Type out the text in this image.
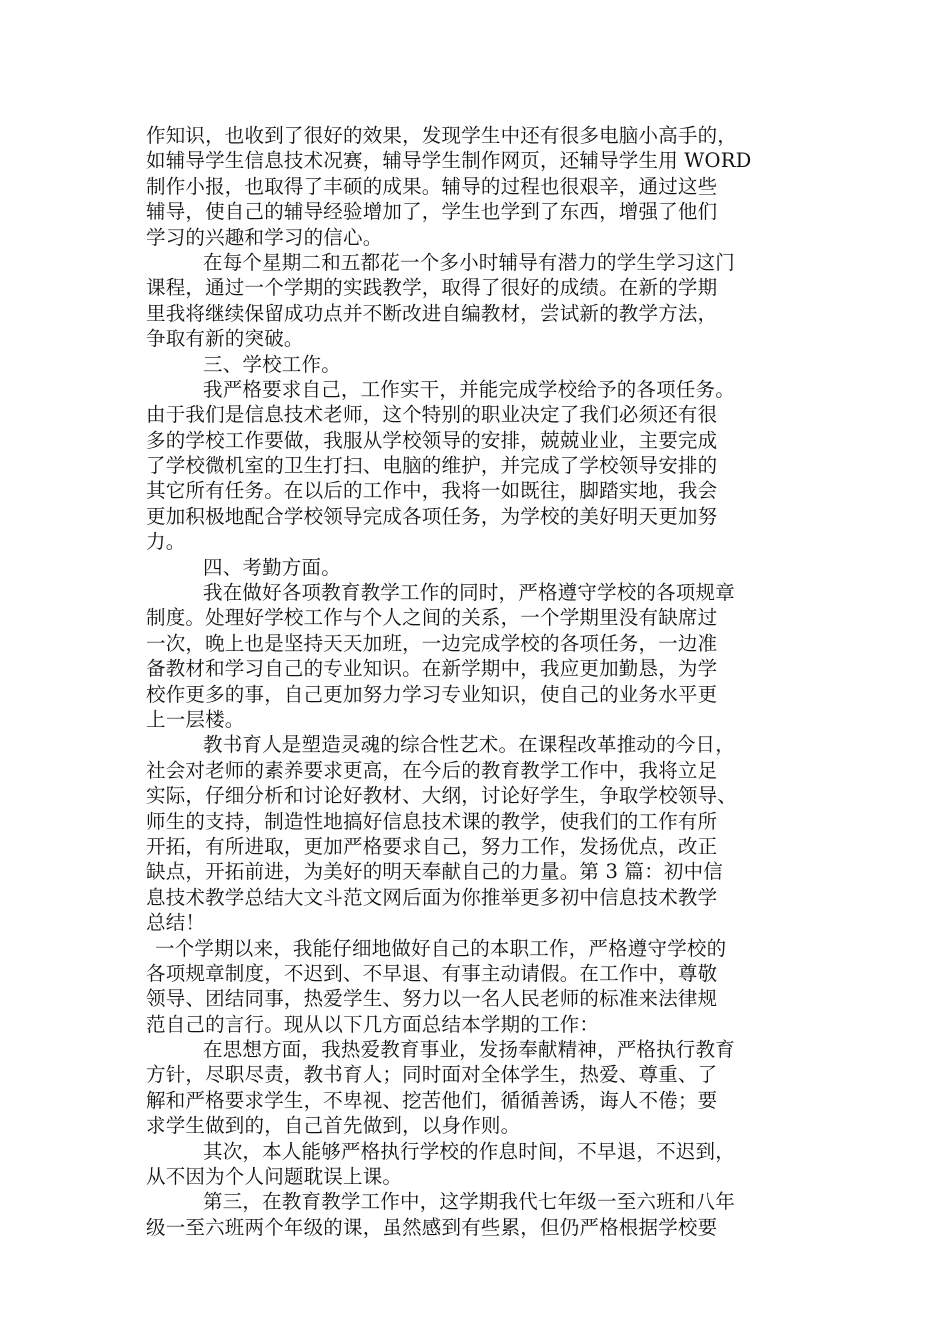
作知识，也收到了很好的效果，发现学生中还有很多电脑小高手的，
如辅导学生信息技术况赛，辅导学生制作网页，还辅导学生用 WORD
制作小报，也取得了丰硕的成果。辅导的过程也很艰辛，通过这些
辅导，使自己的辅导经验增加了，学生也学到了东西，增强了他们
学习的兴趣和学习的信心。
在每个星期二和五都花一个多小时辅导有潜力的学生学习这门
课程，通过一个学期的实践教学，取得了很好的成绩。在新的学期
里我将继续保留成功点并不断改进自编教材，尝试新的教学方法，
争取有新的突破。
三、学校工作。
我严格要求自己，工作实干，并能完成学校给予的各项任务。
由于我们是信息技术老师，这个特别的职业决定了我们必须还有很
多的学校工作要做，我服从学校领导的安排，兢兢业业，主要完成
了学校微机室的卫生打扫、电脑的维护，并完成了学校领导安排的
其它所有任务。在以后的工作中，我将一如既往，脚踏实地，我会
更加积极地配合学校领导完成各项任务，为学校的美好明天更加努
力。
四、考勤方面。
我在做好各项教育教学工作的同时，严格遵守学校的各项规章
制度。处理好学校工作与个人之间的关系，一个学期里没有缺席过
一次，晚上也是坚持天天加班，一边完成学校的各项任务，一边准
备教材和学习自己的专业知识。在新学期中，我应更加勤恳，为学
校作更多的事，自己更加努力学习专业知识，使自己的业务水平更
上一层楼。
教书育人是塑造灵魂的综合性艺术。在课程改革推动的今日，
社会对老师的素养要求更高，在今后的教育教学工作中，我将立足
实际，仔细分析和讨论好教材、大纲，讨论好学生，争取学校领导、
师生的支持，制造性地搞好信息技术课的教学，使我们的工作有所
开拓，有所进取，更加严格要求自己，努力工作，发扬优点，改正
缺点，开拓前进，为美好的明天奉献自己的力量。第 3 篇：初中信
息技术教学总结大文斗范文网后面为你推举更多初中信息技术教学
总结！
一个学期以来，我能仔细地做好自己的本职工作，严格遵守学校的
各项规章制度，不迟到、不早退、有事主动请假。在工作中，尊敬
领导、团结同事，热爱学生、努力以一名人民老师的标准来法律规
范自己的言行。现从以下几方面总结本学期的工作：
在思想方面，我热爱教育事业，发扬奉献精神，严格执行教育
方针，尽职尽责，教书育人；同时面对全体学生，热爱、尊重、了
解和严格要求学生，不卑视、挖苦他们，循循善诱，诲人不倦；要
求学生做到的，自己首先做到，以身作则。
其次，本人能够严格执行学校的作息时间，不早退，不迟到，
从不因为个人问题耽误上课。
第三，在教育教学工作中，这学期我代七年级一至六班和八年
级一至六班两个年级的课，虽然感到有些累，但仍严格根据学校要
